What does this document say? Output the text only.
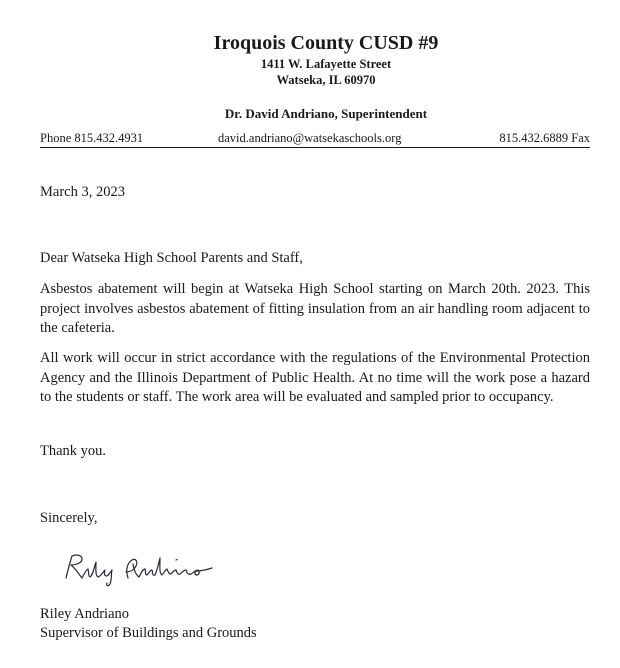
Iroquois County CUSD #9
1411 W. Lafayette Street
Watseka, IL 60970
Dr. David Andriano, Superintendent
Phone 815.432.4931	david.andriano@watsekaschools.org	815.432.6889 Fax
March 3, 2023
Dear Watseka High School Parents and Staff,
Asbestos abatement will begin at Watseka High School starting on March 20th. 2023. This project involves asbestos abatement of fitting insulation from an air handling room adjacent to the cafeteria.
All work will occur in strict accordance with the regulations of the Environmental Protection Agency and the Illinois Department of Public Health. At no time will the work pose a hazard to the students or staff. The work area will be evaluated and sampled prior to occupancy.
Thank you.
Sincerely,
Riley Andriano
Supervisor of Buildings and Grounds
